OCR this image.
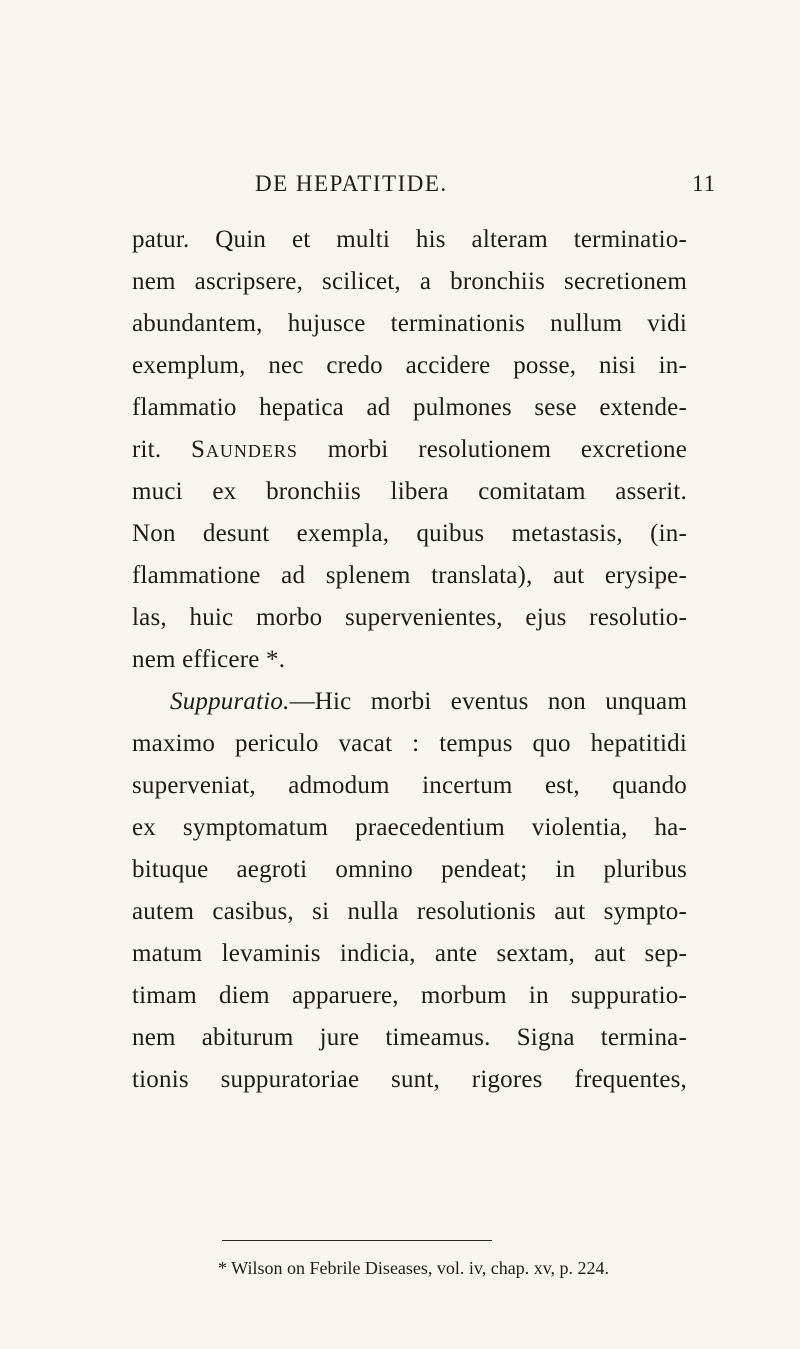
DE HEPATITIDE.	11
patur. Quin et multi his alteram terminatio-
nem ascripsere, scilicet, a bronchiis secretionem
abundantem, hujusce terminationis nullum vidi
exemplum, nec credo accidere posse, nisi in-
flammatio hepatica ad pulmones sese extende-
rit. Saunders morbi resolutionem excretione
muci ex bronchiis libera comitatam asserit.
Non desunt exempla, quibus metastasis, (in-
flammatione ad splenem translata), aut erysipe-
las, huic morbo supervenientes, ejus resolutio-
nem efficere *.
Suppuratio.—Hic morbi eventus non unquam
maximo periculo vacat : tempus quo hepatitidi
superveniat, admodum incertum est, quando
ex symptomatum praecedentium violentia, ha-
bituque aegroti omnino pendeat; in pluribus
autem casibus, si nulla resolutionis aut sympto-
matum levaminis indicia, ante sextam, aut sep-
timam diem apparuere, morbum in suppuratio-
nem abiturum jure timeamus. Signa termina-
tionis suppuratoriae sunt, rigores frequentes,
* Wilson on Febrile Diseases, vol. iv, chap. xv, p. 224.
